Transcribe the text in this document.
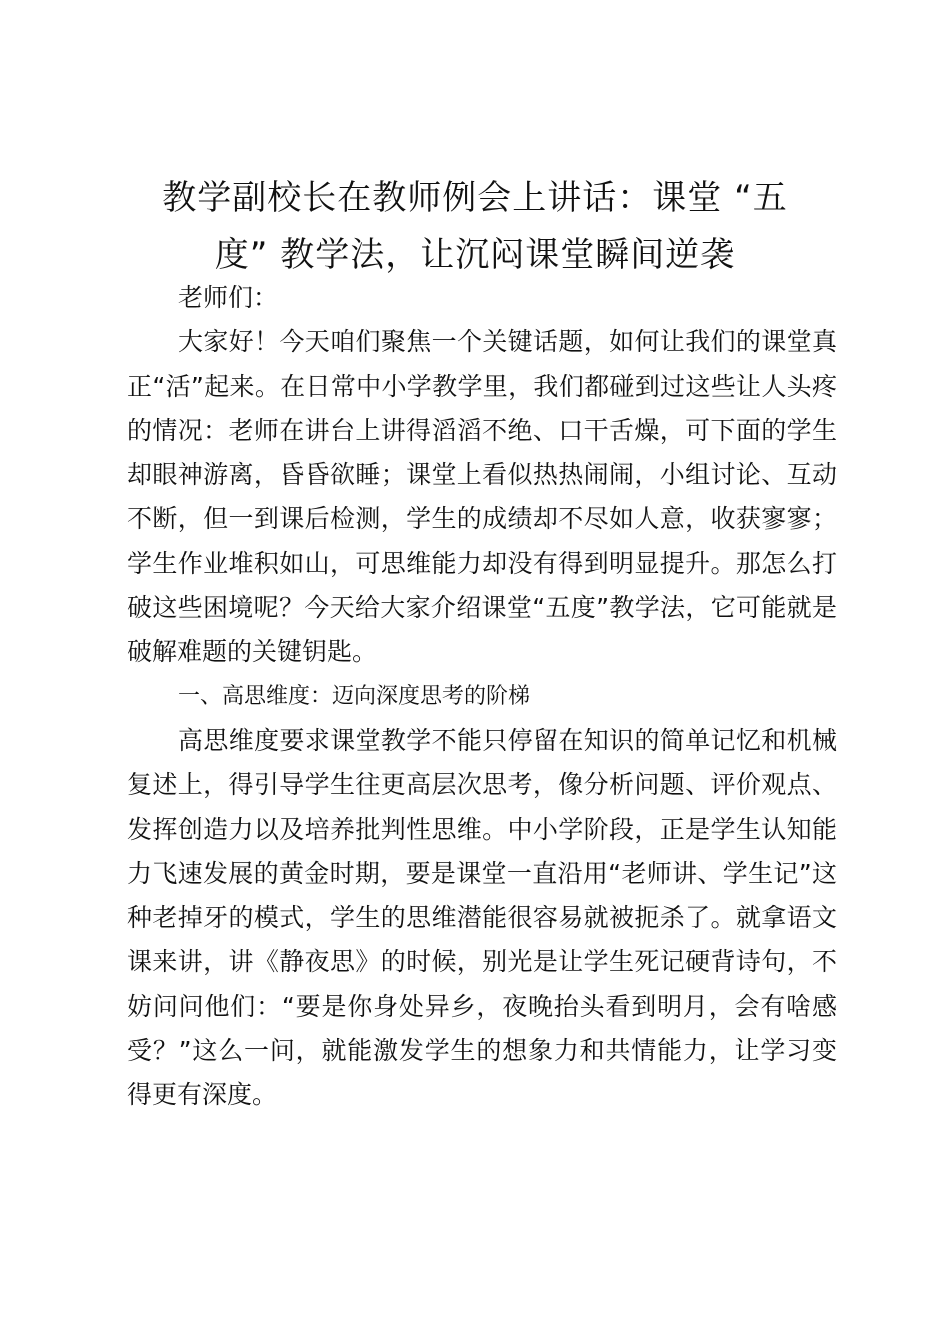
教学副校长在教师例会上讲话：课堂 “五
度” 教学法，让沉闷课堂瞬间逆袭

老师们：

大家好！今天咱们聚焦一个关键话题，如何让我们的课堂真正“活”起来。在日常中小学教学里，我们都碰到过这些让人头疼的情况：老师在讲台上讲得滔滔不绝、口干舌燥，可下面的学生却眼神游离，昏昏欲睡；课堂上看似热热闹闹，小组讨论、互动不断，但一到课后检测，学生的成绩却不尽如人意，收获寥寥；学生作业堆积如山，可思维能力却没有得到明显提升。那怎么打破这些困境呢？今天给大家介绍课堂“五度”教学法，它可能就是破解难题的关键钥匙。

一、高思维度：迈向深度思考的阶梯

高思维度要求课堂教学不能只停留在知识的简单记忆和机械复述上，得引导学生往更高层次思考，像分析问题、评价观点、发挥创造力以及培养批判性思维。中小学阶段，正是学生认知能力飞速发展的黄金时期，要是课堂一直沿用“老师讲、学生记”这种老掉牙的模式，学生的思维潜能很容易就被扼杀了。就拿语文课来讲，讲《静夜思》的时候，别光是让学生死记硬背诗句，不妨问问他们：“要是你身处异乡，夜晚抬头看到明月，会有啥感受？”这么一问，就能激发学生的想象力和共情能力，让学习变得更有深度。
